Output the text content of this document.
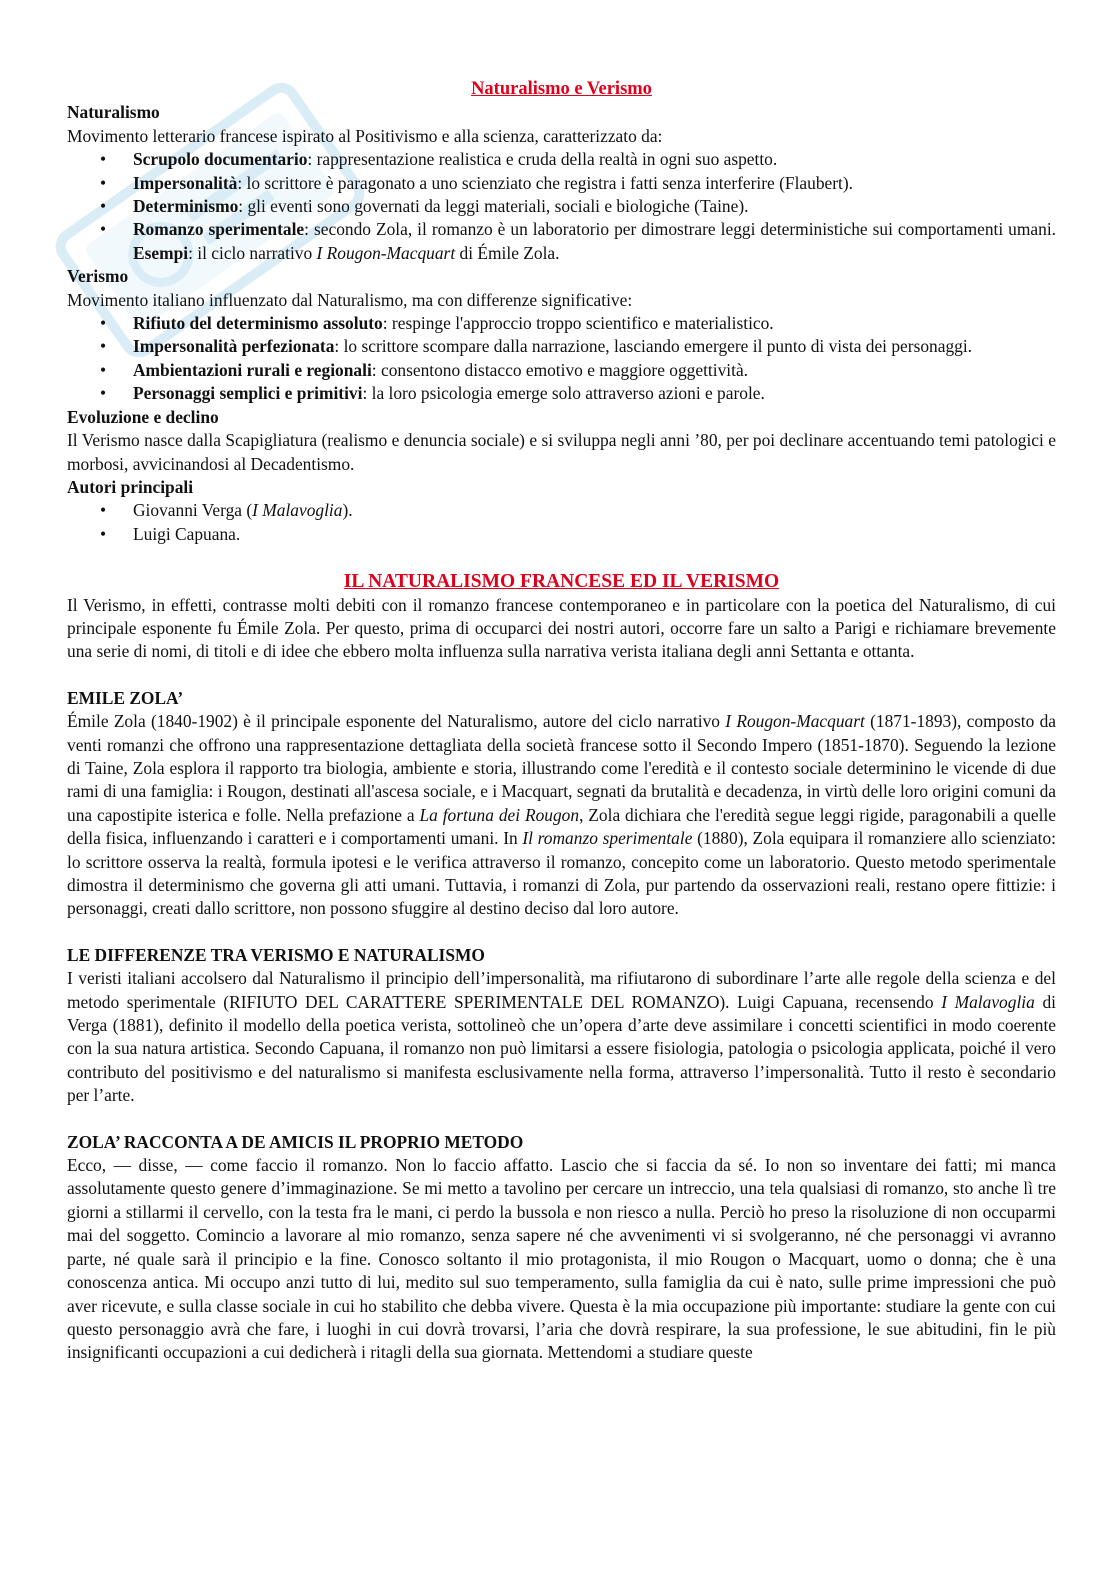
Naturalismo e Verismo

Naturalismo

Movimento letterario francese ispirato al Positivismo e alla scienza, caratterizzato da:

• Scrupolo documentario: rappresentazione realistica e cruda della realtà in ogni suo aspetto.
• Impersonalità: lo scrittore è paragonato a uno scienziato che registra i fatti senza interferire (Flaubert).
• Determinismo: gli eventi sono governati da leggi materiali, sociali e biologiche (Taine).
• Romanzo sperimentale: secondo Zola, il romanzo è un laboratorio per dimostrare leggi deterministiche sui comportamenti umani. Esempi: il ciclo narrativo I Rougon-Macquart di Émile Zola.

Verismo

Movimento italiano influenzato dal Naturalismo, ma con differenze significative:

• Rifiuto del determinismo assoluto: respinge l'approccio troppo scientifico e materialistico.
• Impersonalità perfezionata: lo scrittore scompare dalla narrazione, lasciando emergere il punto di vista dei personaggi.
• Ambientazioni rurali e regionali: consentono distacco emotivo e maggiore oggettività.
• Personaggi semplici e primitivi: la loro psicologia emerge solo attraverso azioni e parole.

Evoluzione e declino

Il Verismo nasce dalla Scapigliatura (realismo e denuncia sociale) e si sviluppa negli anni ’80, per poi declinare accentuando temi patologici e morbosi, avvicinandosi al Decadentismo.

Autori principali

• Giovanni Verga (I Malavoglia).
• Luigi Capuana.

IL NATURALISMO FRANCESE ED IL VERISMO

Il Verismo, in effetti, contrasse molti debiti con il romanzo francese contemporaneo e in particolare con la poetica del Naturalismo, di cui principale esponente fu Émile Zola. Per questo, prima di occuparci dei nostri autori, occorre fare un salto a Parigi e richiamare brevemente una serie di nomi, di titoli e di idee che ebbero molta influenza sulla narrativa verista italiana degli anni Settanta e ottanta.

EMILE ZOLA’

Émile Zola (1840-1902) è il principale esponente del Naturalismo, autore del ciclo narrativo I Rougon-Macquart (1871-1893), composto da venti romanzi che offrono una rappresentazione dettagliata della società francese sotto il Secondo Impero (1851-1870). Seguendo la lezione di Taine, Zola esplora il rapporto tra biologia, ambiente e storia, illustrando come l'eredità e il contesto sociale determinino le vicende di due rami di una famiglia: i Rougon, destinati all'ascesa sociale, e i Macquart, segnati da brutalità e decadenza, in virtù delle loro origini comuni da una capostipite isterica e folle. Nella prefazione a La fortuna dei Rougon, Zola dichiara che l'eredità segue leggi rigide, paragonabili a quelle della fisica, influenzando i caratteri e i comportamenti umani. In Il romanzo sperimentale (1880), Zola equipara il romanziere allo scienziato: lo scrittore osserva la realtà, formula ipotesi e le verifica attraverso il romanzo, concepito come un laboratorio. Questo metodo sperimentale dimostra il determinismo che governa gli atti umani. Tuttavia, i romanzi di Zola, pur partendo da osservazioni reali, restano opere fittizie: i personaggi, creati dallo scrittore, non possono sfuggire al destino deciso dal loro autore.

LE DIFFERENZE TRA VERISMO E NATURALISMO

I veristi italiani accolsero dal Naturalismo il principio dell’impersonalità, ma rifiutarono di subordinare l’arte alle regole della scienza e del metodo sperimentale (RIFIUTO DEL CARATTERE SPERIMENTALE DEL ROMANZO). Luigi Capuana, recensendo I Malavoglia di Verga (1881), definito il modello della poetica verista, sottolineò che un’opera d’arte deve assimilare i concetti scientifici in modo coerente con la sua natura artistica. Secondo Capuana, il romanzo non può limitarsi a essere fisiologia, patologia o psicologia applicata, poiché il vero contributo del positivismo e del naturalismo si manifesta esclusivamente nella forma, attraverso l’impersonalità. Tutto il resto è secondario per l’arte.

ZOLA’ RACCONTA A DE AMICIS IL PROPRIO METODO

Ecco, — disse, — come faccio il romanzo. Non lo faccio affatto. Lascio che si faccia da sé. Io non so inventare dei fatti; mi manca assolutamente questo genere d’immaginazione. Se mi metto a tavolino per cercare un intreccio, una tela qualsiasi di romanzo, sto anche lì tre giorni a stillarmi il cervello, con la testa fra le mani, ci perdo la bussola e non riesco a nulla. Perciò ho preso la risoluzione di non occuparmi mai del soggetto. Comincio a lavorare al mio romanzo, senza sapere né che avvenimenti vi si svolgeranno, né che personaggi vi avranno parte, né quale sarà il principio e la fine. Conosco soltanto il mio protagonista, il mio Rougon o Macquart, uomo o donna; che è una conoscenza antica. Mi occupo anzi tutto di lui, medito sul suo temperamento, sulla famiglia da cui è nato, sulle prime impressioni che può aver ricevute, e sulla classe sociale in cui ho stabilito che debba vivere. Questa è la mia occupazione più importante: studiare la gente con cui questo personaggio avrà che fare, i luoghi in cui dovrà trovarsi, l’aria che dovrà respirare, la sua professione, le sue abitudini, fin le più insignificanti occupazioni a cui dedicherà i ritagli della sua giornata. Mettendomi a studiare queste
